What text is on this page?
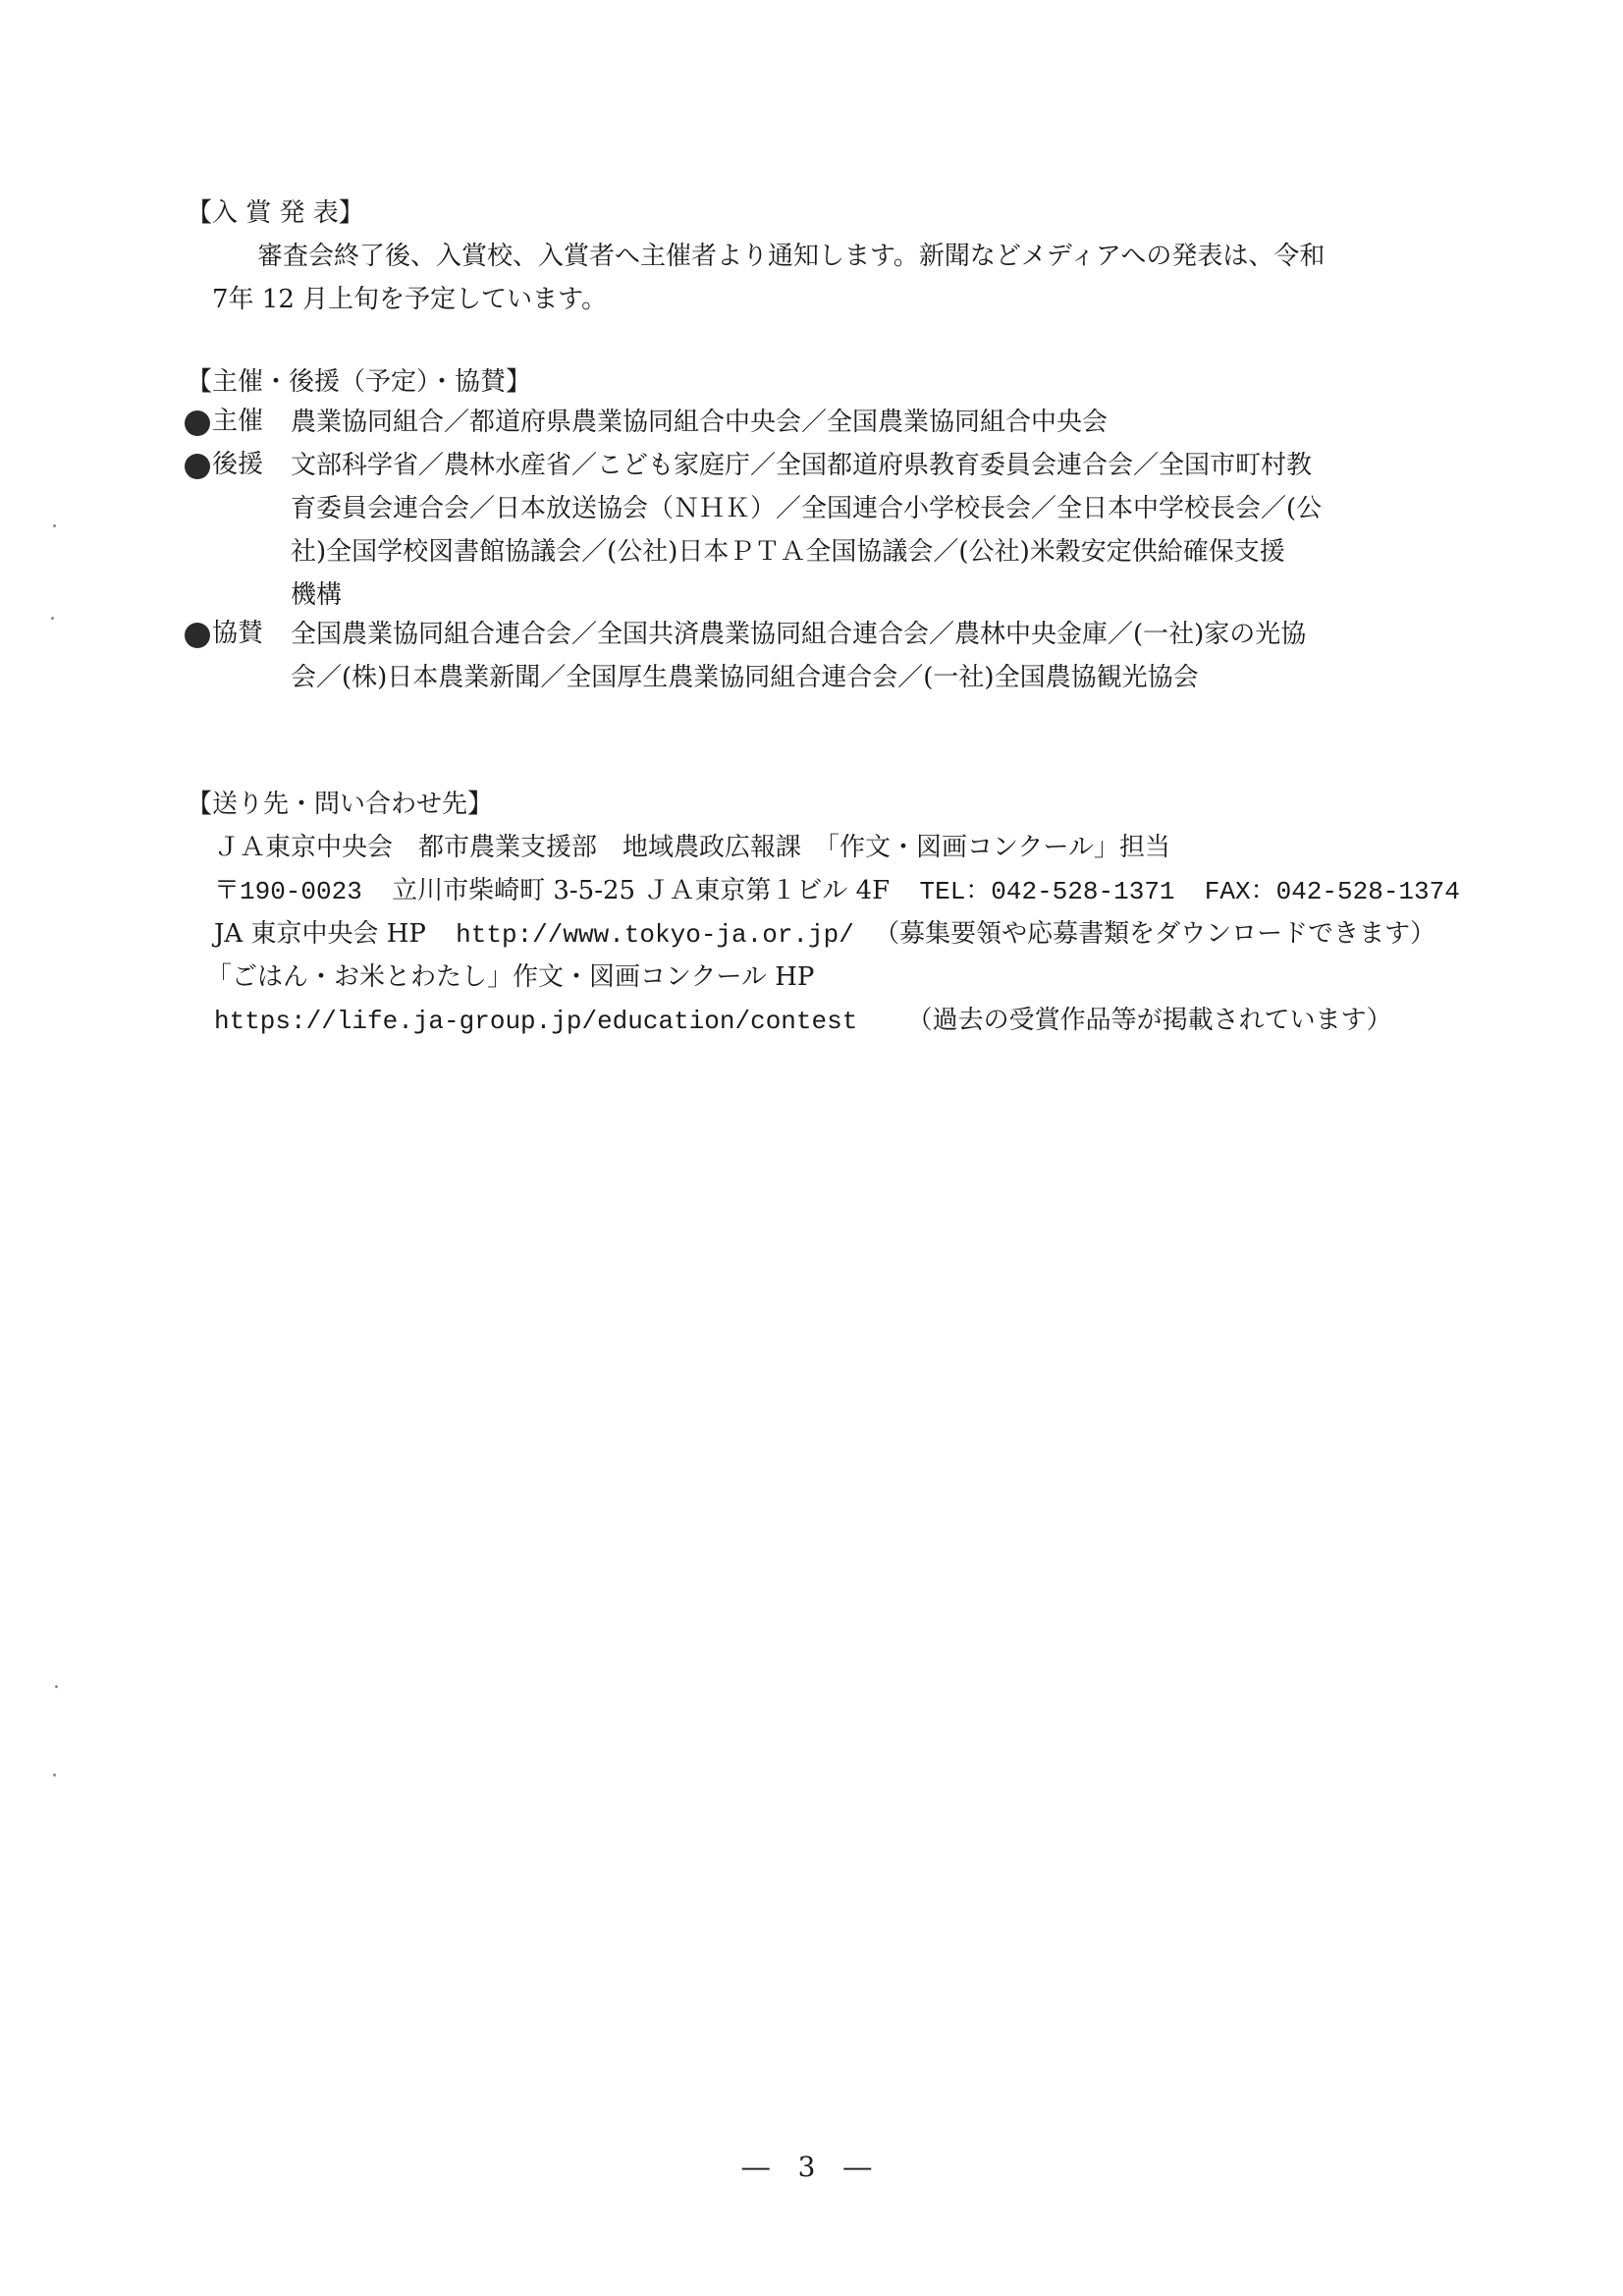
【入 賞 発 表】
審査会終了後、入賞校、入賞者へ主催者より通知します。新聞などメディアへの発表は、令和
7年 12 月上旬を予定しています。
【主催・後援（予定）・協賛】
主催	農業協同組合／都道府県農業協同組合中央会／全国農業協同組合中央会
後援	文部科学省／農林水産省／こども家庭庁／全国都道府県教育委員会連合会／全国市町村教
育委員会連合会／日本放送協会（ＮＨＫ）／全国連合小学校長会／全日本中学校長会／(公
社)全国学校図書館協議会／(公社)日本ＰＴＡ全国協議会／(公社)米穀安定供給確保支援
機構
協賛	全国農業協同組合連合会／全国共済農業協同組合連合会／農林中央金庫／(一社)家の光協
会／(株)日本農業新聞／全国厚生農業協同組合連合会／(一社)全国農協観光協会
【送り先・問い合わせ先】
ＪＡ東京中央会　都市農業支援部　地域農政広報課　「作文・図画コンクール」担当
〒190-0023 立川市柴崎町 3-5-25 ＪＡ東京第１ビル 4F TEL：042-528-1371 FAX：042-528-1374
JA 東京中央会 HP http://www.tokyo-ja.or.jp/ （募集要領や応募書類をダウンロードできます）
「ごはん・お米とわたし」作文・図画コンクール HP
https://life.ja-group.jp/education/contest （過去の受賞作品等が掲載されています）
― 3 ―
